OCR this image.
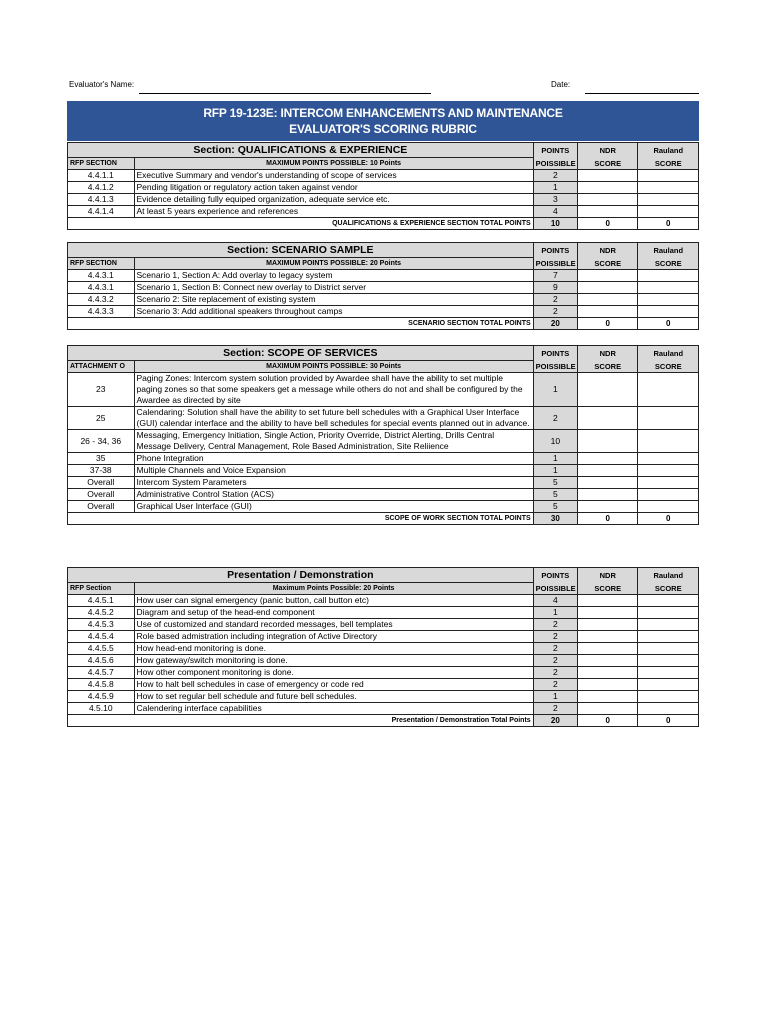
Evaluator's Name:	Date:
RFP 19-123E: INTERCOM ENHANCEMENTS AND MAINTENANCE
EVALUATOR'S SCORING RUBRIC
Section: QUALIFICATIONS & EXPERIENCE		POINTS	NDR	Rauland
RFP SECTION	MAXIMUM POINTS POSSIBLE: 10 Points	POISSIBLE	SCORE	SCORE
4.4.1.1	Executive Summary and vendor's understanding of scope of services	2		
4.4.1.2	Pending litigation or regulatory action taken against vendor	1		
4.4.1.3	Evidence detailing fully equiped organization, adequate service etc.	3		
4.4.1.4	At least 5 years experience and references	4		
QUALIFICATIONS & EXPERIENCE SECTION TOTAL POINTS		10	0	0
Section: SCENARIO SAMPLE		POINTS	NDR	Rauland
RFP SECTION	MAXIMUM POINTS POSSIBLE: 20 Points	POISSIBLE	SCORE	SCORE
4.4.3.1	Scenario 1, Section A: Add overlay to legacy system	7		
4.4.3.1	Scenario 1, Section B: Connect new overlay to District server	9		
4.4.3.2	Scenario 2: Site replacement of existing system	2		
4.4.3.3	Scenario 3: Add additional speakers throughout camps	2		
SCENARIO SECTION TOTAL POINTS		20	0	0
Section: SCOPE OF SERVICES		POINTS	NDR	Rauland
ATTACHMENT O	MAXIMUM POINTS POSSIBLE: 30 Points	POISSIBLE	SCORE	SCORE
23	Paging Zones: Intercom system solution provided by Awardee shall have the ability to set multiple paging zones so that some speakers get a message while others do not and shall be configured by the Awardee as directed by site	1		
25	Calendaring: Solution shall have the ability to set future bell schedules with a Graphical User Interface (GUI) calendar interface and the ability to have bell schedules for special events planned out in advance.	2		
26 - 34, 36	Messaging, Emergency Initiation, Single Action, Priority Override, District Alerting, Drills Central Message Delivery, Central Management, Role Based Administration, Site Reliience	10		
35	Phone Integration	1		
37-38	Multiple Channels and Voice Expansion	1		
Overall	Intercom System Parameters	5		
Overall	Administrative Control Station (ACS)	5		
Overall	Graphical User Interface (GUI)	5		
SCOPE OF WORK SECTION TOTAL POINTS		30	0	0
Presentation / Demonstration		POINTS	NDR	Rauland
RFP Section	Maximum Points Possible: 20 Points	POISSIBLE	SCORE	SCORE
4.4.5.1	How user can signal emergency (panic button, call button etc)	4		
4.4.5.2	Diagram and setup of the head-end component	1		
4.4.5.3	Use of customized and standard recorded messages, bell templates	2		
4.4.5.4	Role based admistration including integration of Active Directory	2		
4.4.5.5	How head-end monitoring is done.	2		
4.4.5.6	How gateway/switch monitoring is done.	2		
4.4.5.7	How other component monitoring is done.	2		
4.4.5.8	How to halt bell schedules in case of emergency or code red	2		
4.4.5.9	How to set regular bell schedule and future bell schedules.	1		
4.5.10	Calendering interface capabilities	2		
Presentation / Demonstration Total Points		20	0	0
